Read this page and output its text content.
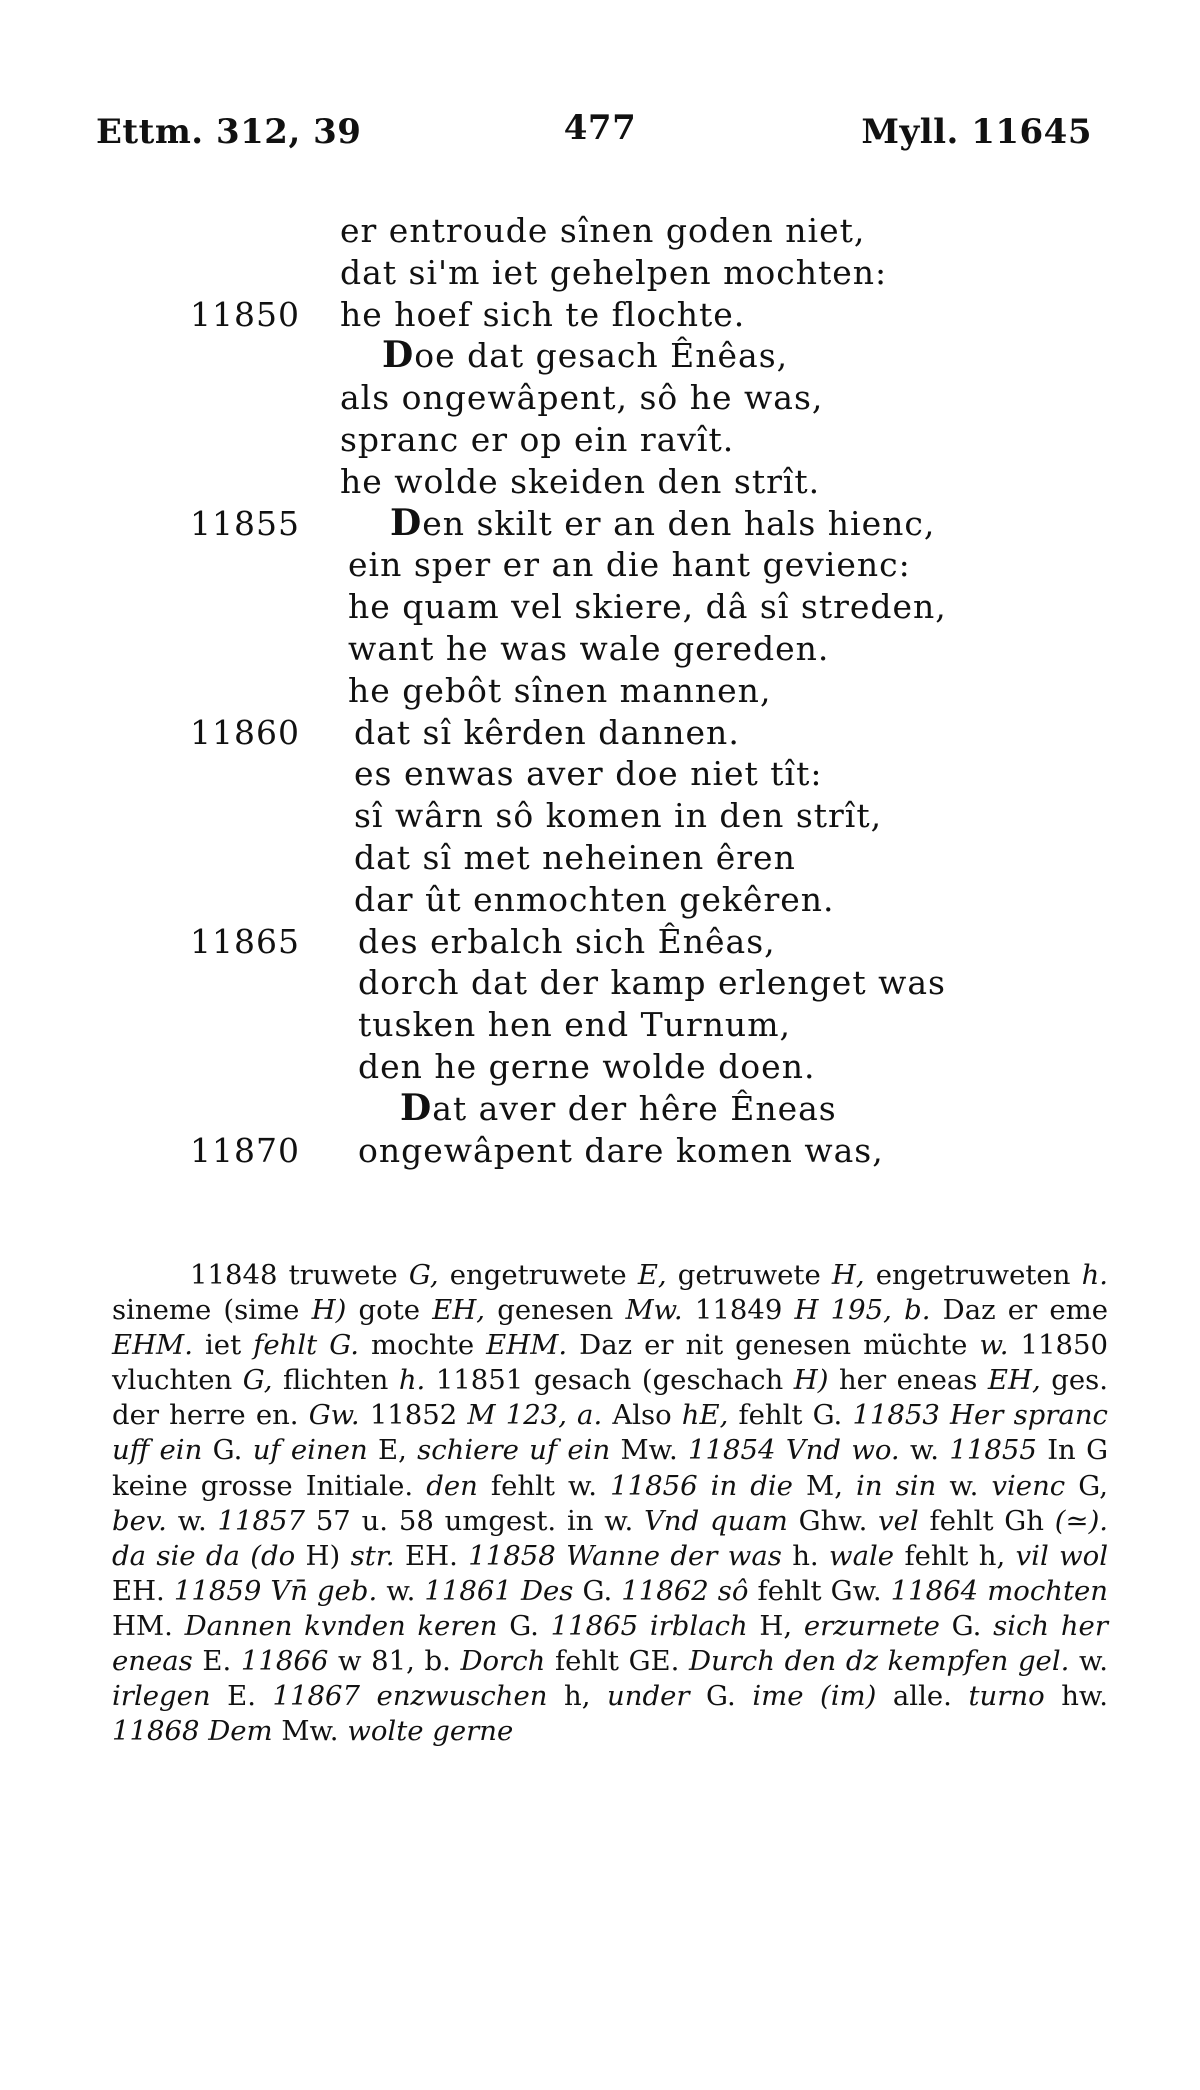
Ettm. 312, 39	477	Myll. 11645
er entroude sînen goden niet,
dat si'm iet gehelpen mochten:
11850	he hoef sich te flochte.
Doe dat gesach Ênêas,
als ongewâpent, sô he was,
spranc er op ein ravît.
he wolde skeiden den strît.
11855	Den skilt er an den hals hienc,
ein sper er an die hant gevienc:
he quam vel skiere, dâ sî streden,
want he was wale gereden.
he gebôt sînen mannen,
11860	dat sî kêrden dannen.
es enwas aver doe niet tît:
sî wârn sô komen in den strît,
dat sî met neheinen êren
dar ût enmochten gekêren.
11865	des erbalch sich Ênêas,
dorch dat der kamp erlenget was
tusken hen end Turnum,
den he gerne wolde doen.
Dat aver der hêre Êneas
11870	ongewâpent dare komen was,

11848 truwete G, engetruwete E, getruwete H, engetruweten h. sineme (sime H) gote EH, genesen Mw. 11849 H 195, b. Daz er eme EHM. iet fehlt G. mochte EHM. Daz er nit genesen müchte w. 11850 vluchten G, flichten h. 11851 gesach (geschach H) her eneas EH, ges. der herre en. Gw. 11852 M 123, a. Also hE, fehlt G. 11853 Her spranc uff ein G. uf einen E, schiere uf ein Mw. 11854 Vnd wo. w. 11855 In G keine grosse Initiale. den fehlt w. 11856 in die M, in sin w. vienc G, bev. w. 11857 57 u. 58 umgest. in w. Vnd quam Ghw. vel fehlt Gh (≃). da sie da (do H) str. EH. 11858 Wanne der was h. wale fehlt h, vil wol EH. 11859 Vn̄ geb. w. 11861 Des G. 11862 sô fehlt Gw. 11864 mochten HM. Dannen kvnden keren G. 11865 irblach H, erzurnete G. sich her eneas E. 11866 w 81, b. Dorch fehlt GE. Durch den dz kempfen gel. w. irlegen E. 11867 enzwuschen h, under G. ime (im) alle. turno hw. 11868 Dem Mw. wolte gerne
